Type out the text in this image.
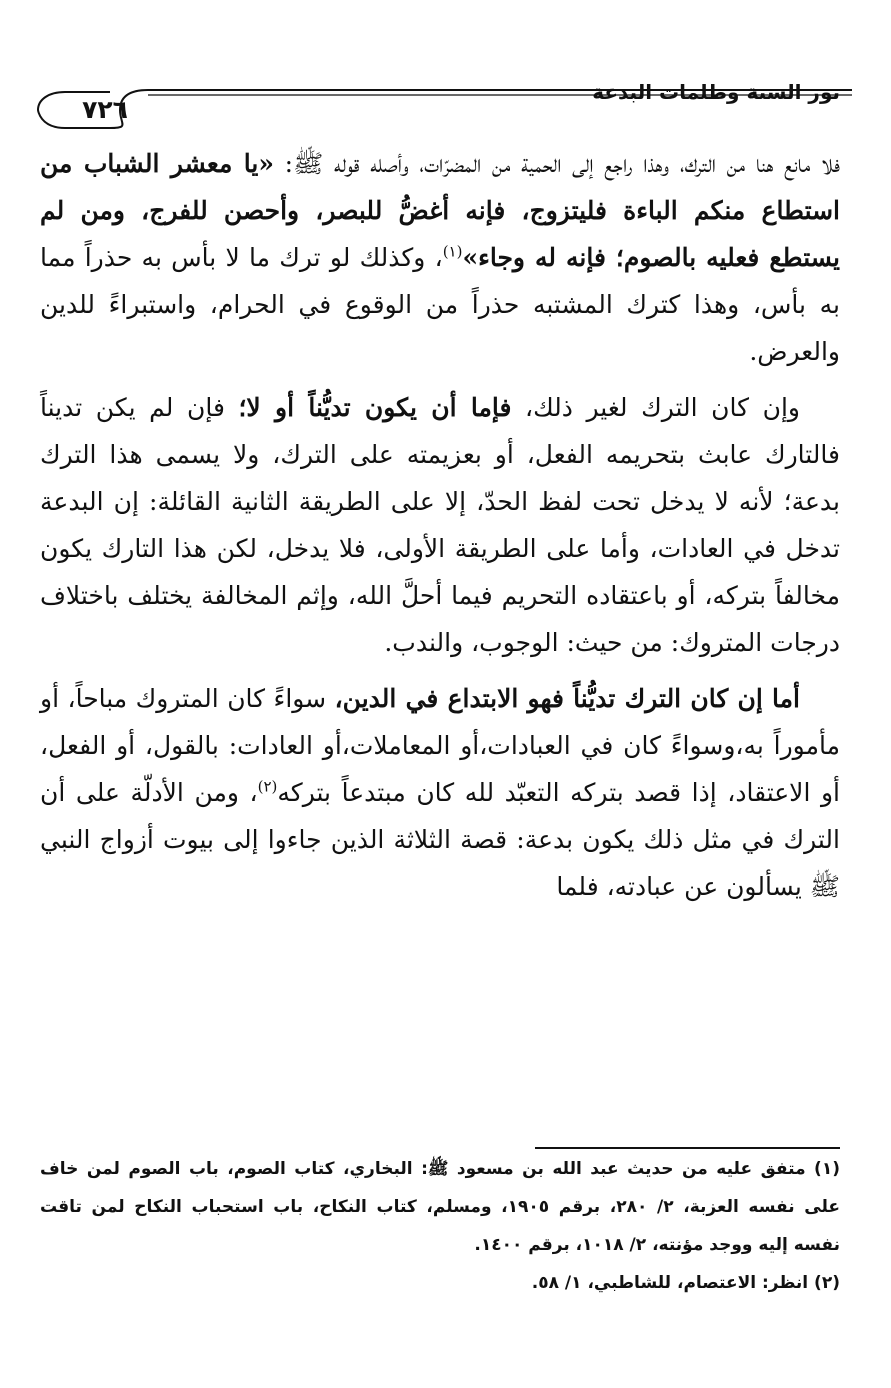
نور السنة وظلمات البدعة
٧٢٦

فلا مانع هنا من الترك، وهذا راجع إلى الحمية من المضرّات، وأصله قوله ﷺ: «يا معشر الشباب من استطاع منكم الباءة فليتزوج، فإنه أغضُّ للبصر، وأحصن للفرج، ومن لم يستطع فعليه بالصوم؛ فإنه له وجاء»$^{(١)}$، وكذلك لو ترك ما لا بأس به حذراً مما به بأس، وهذا كترك المشتبه حذراً من الوقوع في الحرام، واستبراءً للدين والعرض.

وإن كان الترك لغير ذلك، فإما أن يكون تديُّناً أو لا؛ فإن لم يكن تديناً فالتارك عابث بتحريمه الفعل، أو بعزيمته على الترك، ولا يسمى هذا الترك بدعة؛ لأنه لا يدخل تحت لفظ الحدّ، إلا على الطريقة الثانية القائلة: إن البدعة تدخل في العادات، وأما على الطريقة الأولى، فلا يدخل، لكن هذا التارك يكون مخالفاً بتركه، أو باعتقاده التحريم فيما أحلَّ الله، وإثم المخالفة يختلف باختلاف درجات المتروك: من حيث: الوجوب، والندب.

أما إن كان الترك تديُّناً فهو الابتداع في الدين، سواءً كان المتروك مباحاً، أو مأموراً به،وسواءً كان في العبادات،أو المعاملات،أو العادات: بالقول، أو الفعل، أو الاعتقاد، إذا قصد بتركه التعبّد لله كان مبتدعاً بتركه$^{(٢)}$، ومن الأدلّة على أن الترك في مثل ذلك يكون بدعة: قصة الثلاثة الذين جاءوا إلى بيوت أزواج النبي ﷺ يسألون عن عبادته، فلما

(١) متفق عليه من حديث عبد الله بن مسعود ﷺ: البخاري، كتاب الصوم، باب الصوم لمن خاف على نفسه العزبة، ٢/ ٢٨٠، برقم ١٩٠٥، ومسلم، كتاب النكاح، باب استحباب النكاح لمن تاقت نفسه إليه ووجد مؤنته، ٢/ ١٠١٨، برقم ١٤٠٠.

(٢) انظر: الاعتصام، للشاطبي، ١/ ٥٨.
